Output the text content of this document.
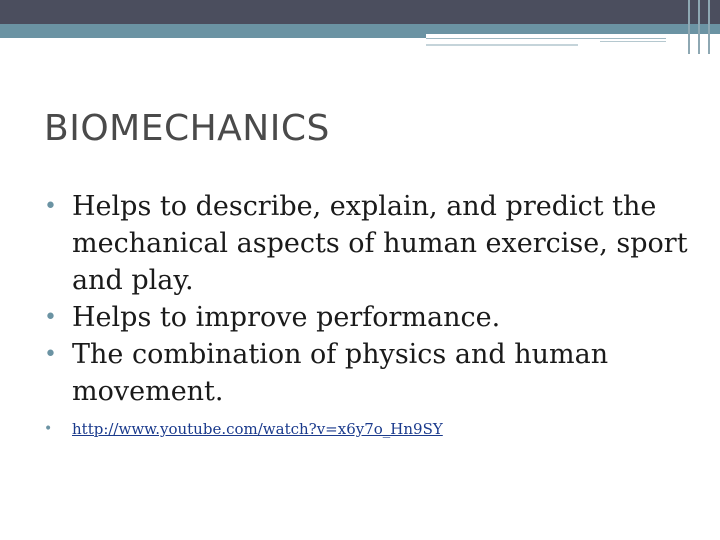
BIOMECHANICS
• Helps to describe, explain, and predict the mechanical aspects of human exercise, sport and play.
• Helps to improve performance.
• The combination of physics and human movement.
• http://www.youtube.com/watch?v=x6y7o_Hn9SY
